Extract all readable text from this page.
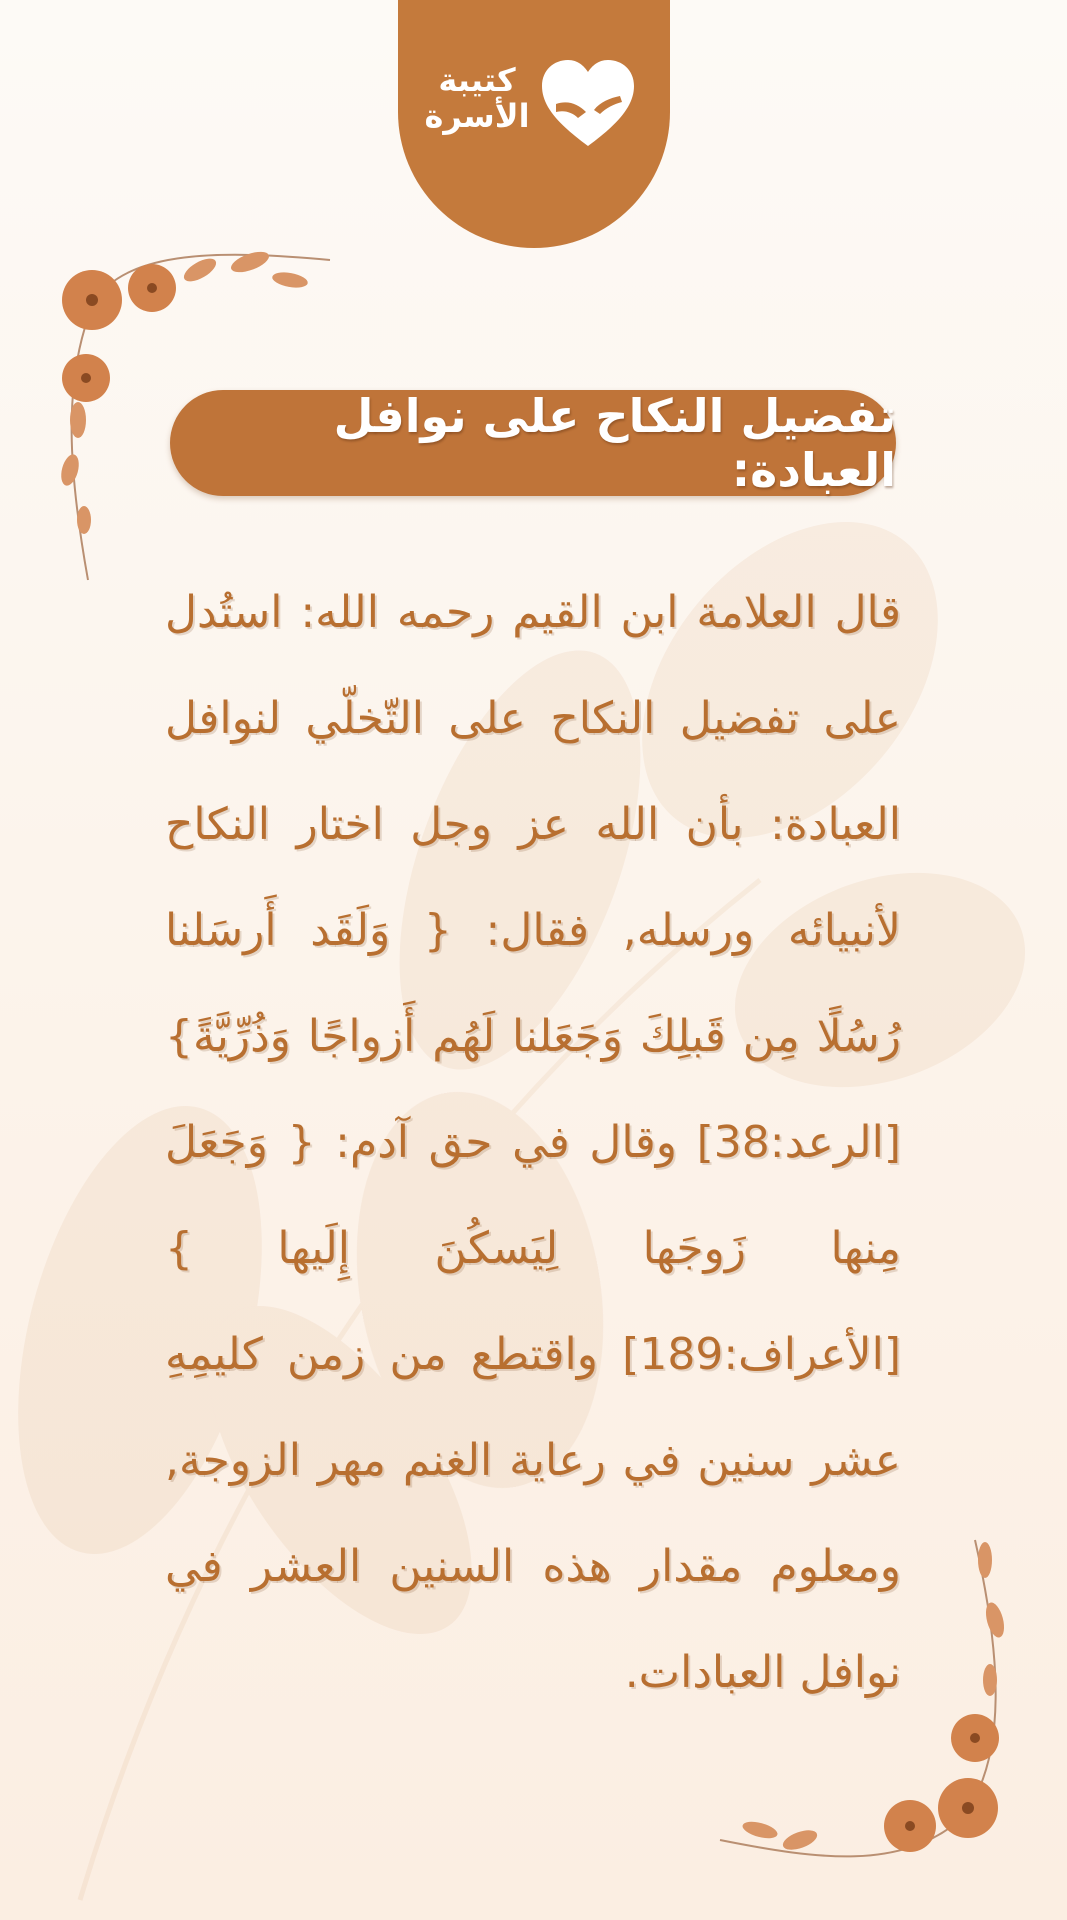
كتيبة
الأسرة
تفضيل النكاح على نوافل العبادة:

قال العلامة ابن القيم رحمه الله: استُدل على تفضيل النكاح على التّخلّي لنوافل العبادة: بأن الله عز وجل اختار النكاح لأنبيائه ورسله, فقال: { وَلَقَد أَرسَلنا رُسُلًا مِن قَبلِكَ وَجَعَلنا لَهُم أَزواجًا وَذُرِّيَّةً} [الرعد:38] وقال في حق آدم: { وَجَعَلَ مِنها زَوجَها لِيَسكُنَ إِلَيها } [الأعراف:189] واقتطع من زمن كليمِهِ عشر سنين في رعاية الغنم مهر الزوجة, ومعلوم مقدار هذه السنين العشر في نوافل العبادات.
